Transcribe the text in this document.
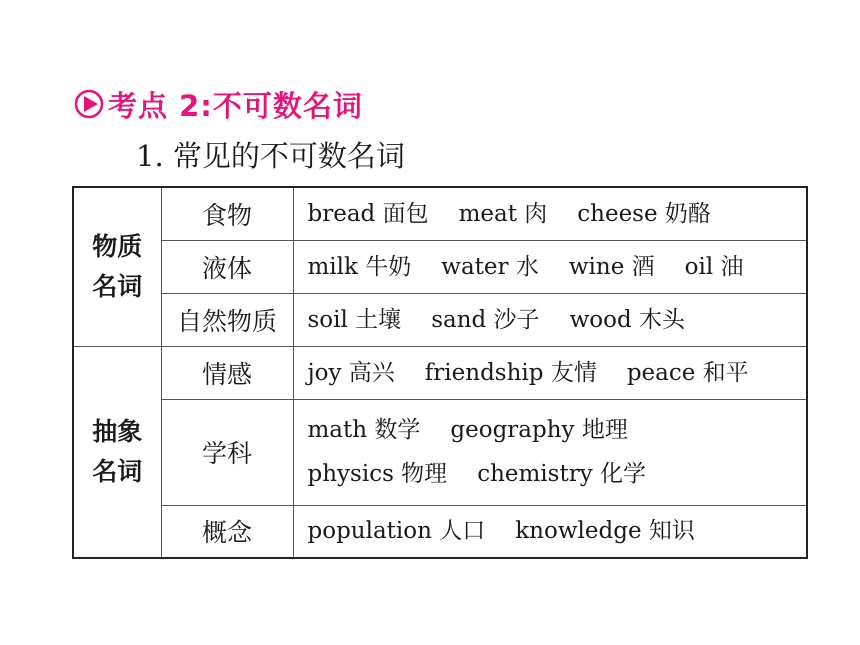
考点 2:不可数名词
1. 常见的不可数名词
物质
名词	食物	bread 面包 meat 肉 cheese 奶酪

	液体	milk 牛奶 water 水 wine 酒 oil 油

	自然物质	soil 土壤 sand 沙子 wood 木头

抽象
名词	情感	joy 高兴 friendship 友情 peace 和平

	学科	math 数学 geography 地理
physics 物理 chemistry 化学

	概念	population 人口 knowledge 知识
